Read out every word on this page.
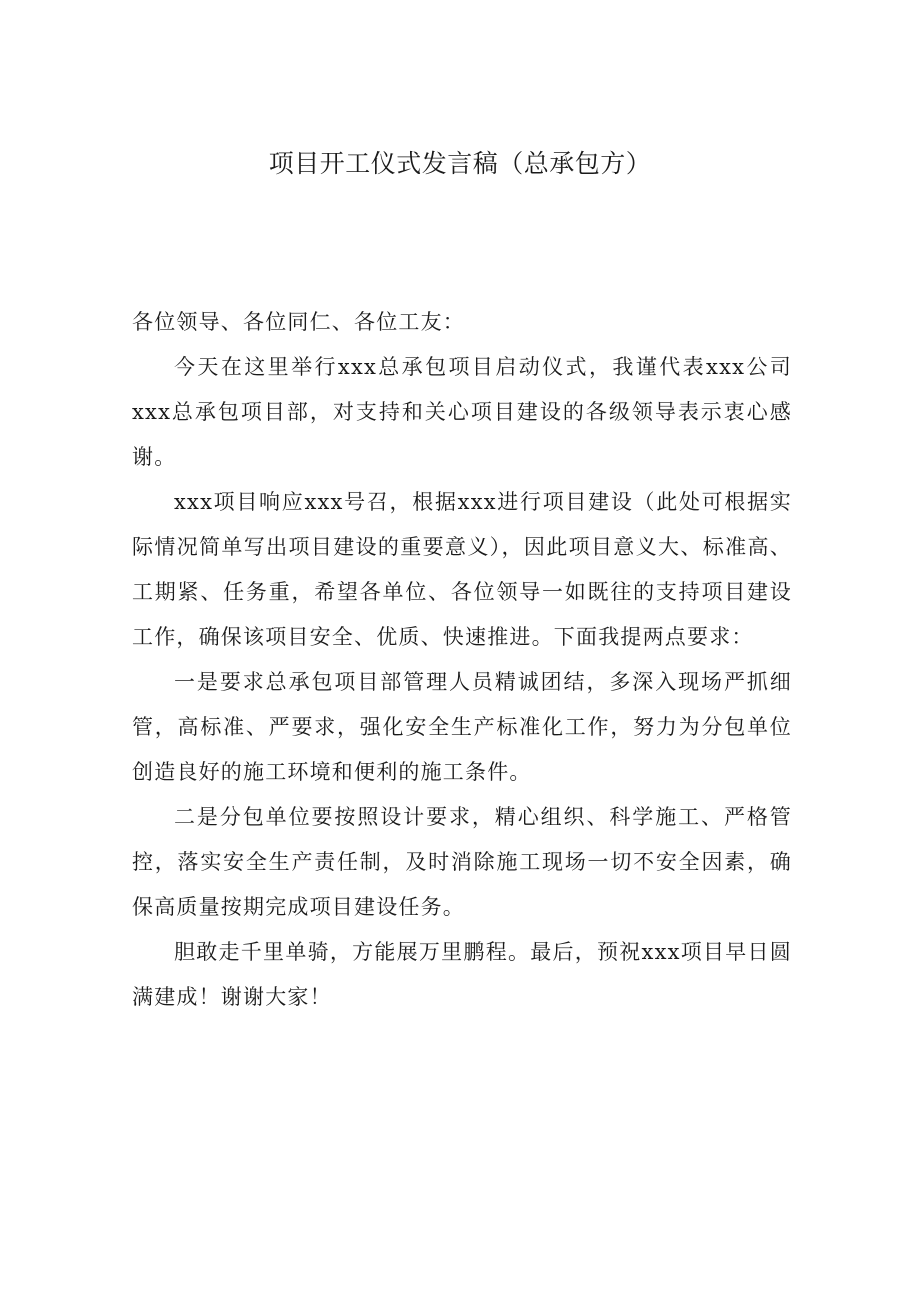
项目开工仪式发言稿（总承包方）

各位领导、各位同仁、各位工友：

今天在这里举行xxx总承包项目启动仪式，我谨代表xxx公司xxx总承包项目部，对支持和关心项目建设的各级领导表示衷心感谢。

xxx项目响应xxx号召，根据xxx进行项目建设（此处可根据实际情况简单写出项目建设的重要意义），因此项目意义大、标准高、工期紧、任务重，希望各单位、各位领导一如既往的支持项目建设工作，确保该项目安全、优质、快速推进。下面我提两点要求：

一是要求总承包项目部管理人员精诚团结，多深入现场严抓细管，高标准、严要求，强化安全生产标准化工作，努力为分包单位创造良好的施工环境和便利的施工条件。

二是分包单位要按照设计要求，精心组织、科学施工、严格管控，落实安全生产责任制，及时消除施工现场一切不安全因素，确保高质量按期完成项目建设任务。

胆敢走千里单骑，方能展万里鹏程。最后，预祝xxx项目早日圆满建成！谢谢大家！
